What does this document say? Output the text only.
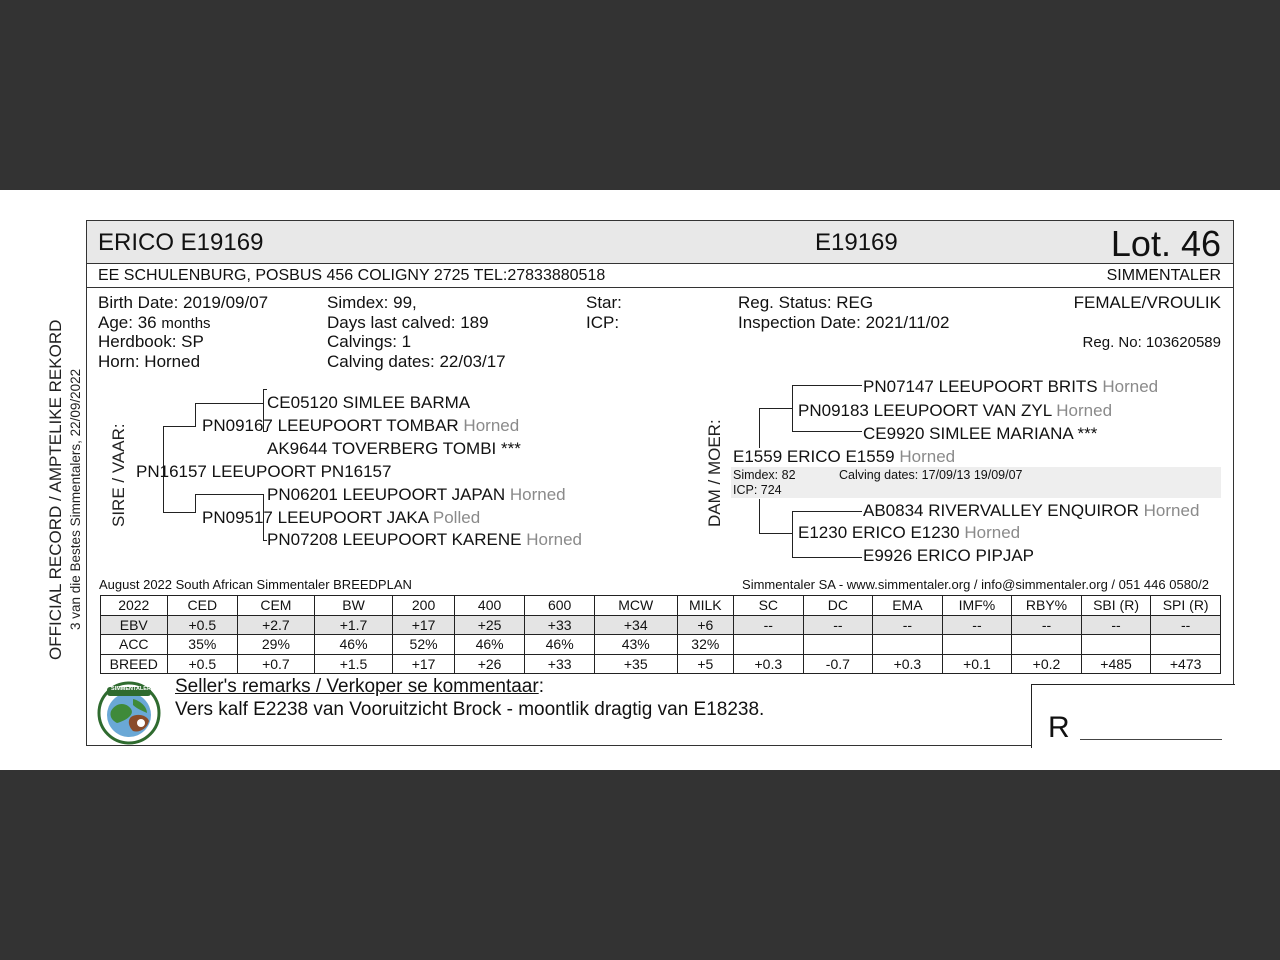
OFFICIAL RECORD / AMPTELIKE REKORD 3 van die Bestes Simmentalers, 22/09/2022
ERICO E19169	E19169	Lot. 46
EE SCHULENBURG, POSBUS 456 COLIGNY 2725 TEL:27833880518	SIMMENTALER
Birth Date: 2019/09/07
Age: 36 months
Herdbook: SP
Horn: Horned
Simdex: 99,
Days last calved: 189
Calvings: 1
Calving dates: 22/03/17
Star:
ICP:
Reg. Status: REG
Inspection Date: 2021/11/02
FEMALE/VROULIK
Reg. No: 103620589
SIRE / VAAR:
CE05120 SIMLEE BARMA
AK9644 TOVERBERG TOMBI ***
PN09167 LEEUPOORT TOMBAR Horned
PN16157 LEEUPOORT PN16157
PN09517 LEEUPOORT JAKA Polled
PN06201 LEEUPOORT JAPAN Horned
PN07208 LEEUPOORT KARENE Horned
DAM / MOER:
PN07147 LEEUPOORT BRITS Horned
CE9920 SIMLEE MARIANA ***
PN09183 LEEUPOORT VAN ZYL Horned
Simdex: 82	Calving dates: 17/09/13 19/09/07
ICP: 724
E1559 ERICO E1559 Horned
E1230 ERICO E1230 Horned
AB0834 RIVERVALLEY ENQUIROR Horned
E9926 ERICO PIPJAP
August 2022 South African Simmentaler BREEDPLAN	Simmentaler SA - www.simmentaler.org / info@simmentaler.org / 051 446 0580/2
2022	CED	CEM	BW	200	400	600	MCW	MILK	SC	DC	EMA	IMF%	RBY%	SBI (R)	SPI (R)
EBV	+0.5	+2.7	+1.7	+17	+25	+33	+34	+6	--	--	--	--	--	--	--
ACC	35%	29%	46%	52%	46%	46%	43%	32%							
BREED	+0.5	+0.7	+1.5	+17	+26	+33	+35	+5	+0.3	-0.7	+0.3	+0.1	+0.2	+485	+473
SIMMENTALER Seller's remarks / Verkoper se kommentaar:
Vers kalf E2238 van Vooruitzicht Brock - moontlik dragtig van E18238.
R
